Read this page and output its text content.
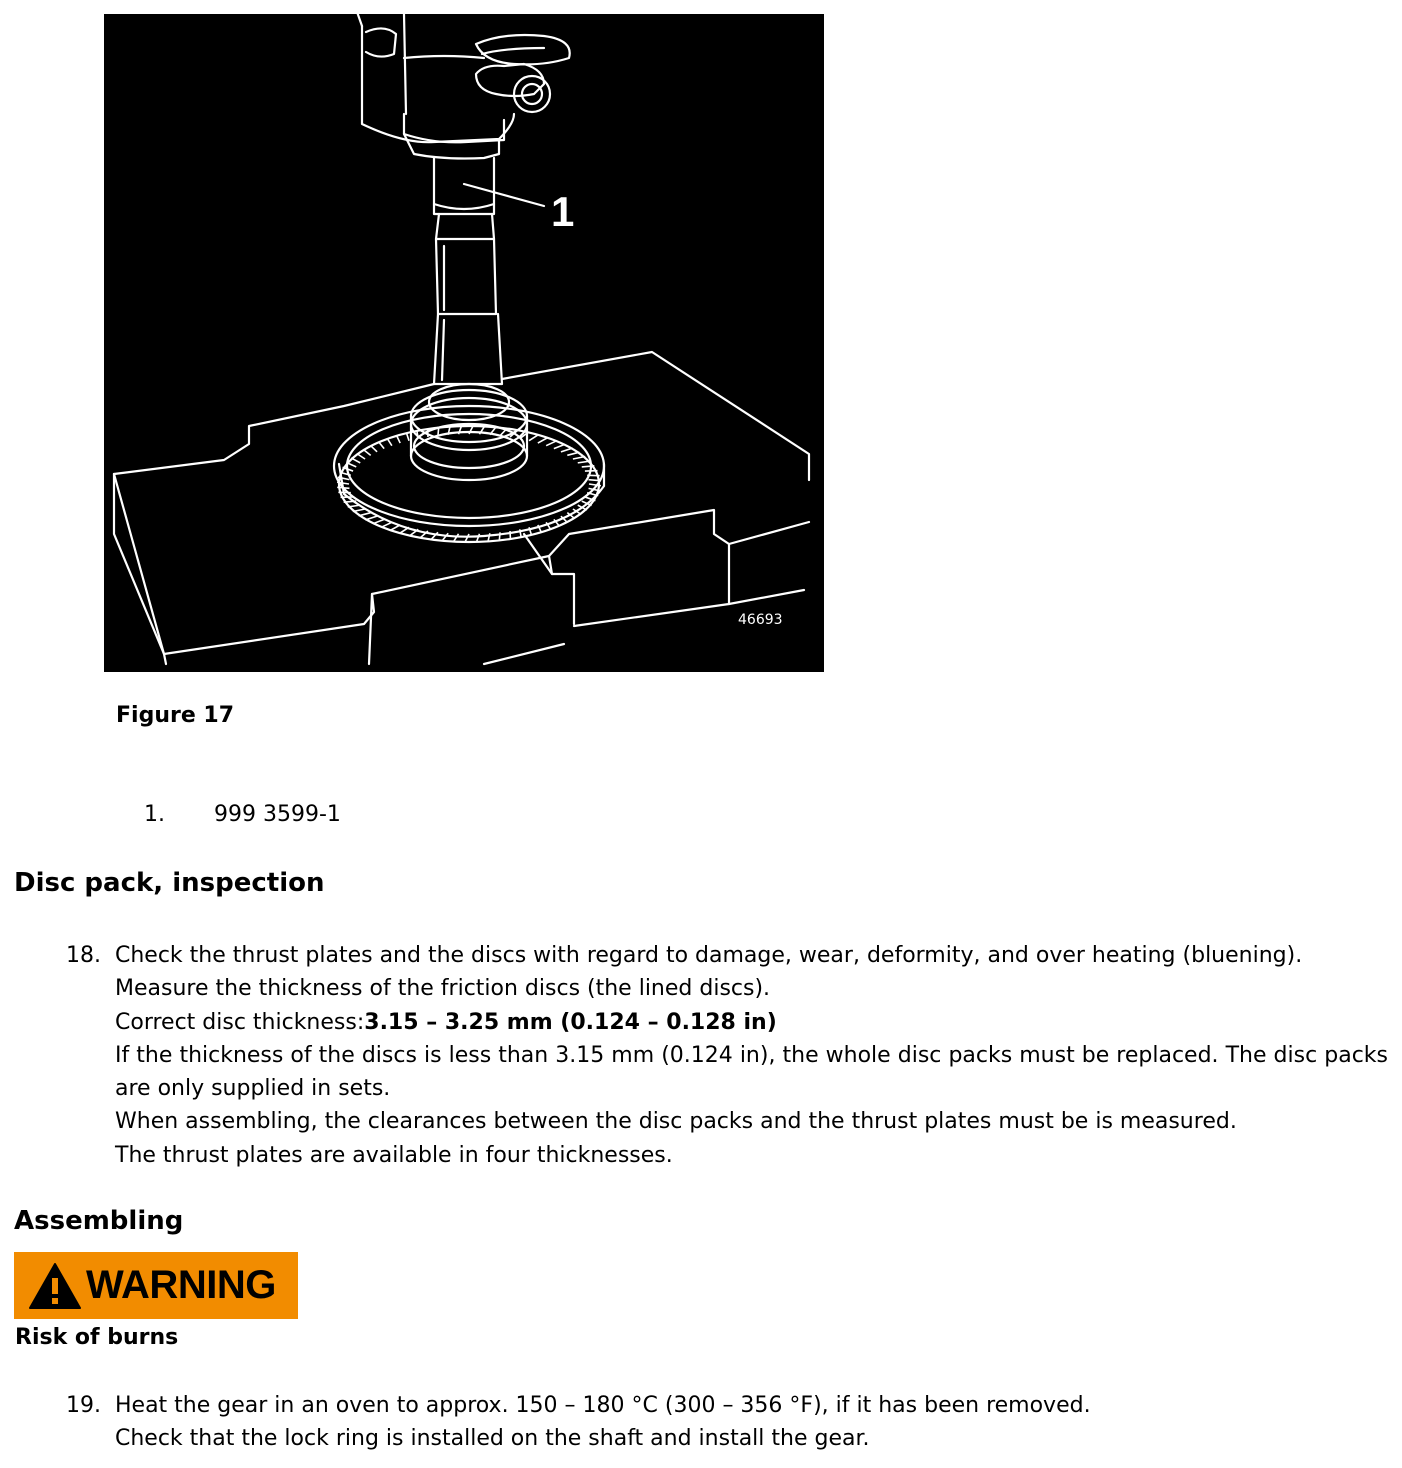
1
46693
Figure 17
1. 999 3599-1
Disc pack, inspection
18. Check the thrust plates and the discs with regard to damage, wear, deformity, and over heating (bluening).
Measure the thickness of the friction discs (the lined discs).
Correct disc thickness:3.15 – 3.25 mm (0.124 – 0.128 in)
If the thickness of the discs is less than 3.15 mm (0.124 in), the whole disc packs must be replaced. The disc packs are only supplied in sets.
When assembling, the clearances between the disc packs and the thrust plates must be is measured.
The thrust plates are available in four thicknesses.
Assembling
WARNING
Risk of burns
19. Heat the gear in an oven to approx. 150 – 180 °C (300 – 356 °F), if it has been removed.
Check that the lock ring is installed on the shaft and install the gear.
